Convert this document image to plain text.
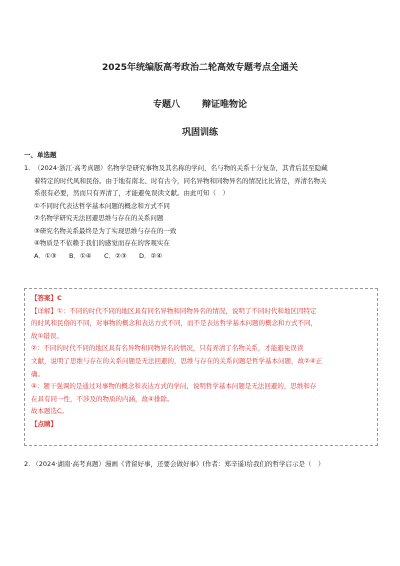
2025年统编版高考政治二轮高效专题考点全通关
专题八 辩证唯物论
巩固训练
一、单选题
1. （2024·浙江·高考真题）名物学是研究事物及其名称的学问，名与物的关系十分复杂，其背后甚至隐藏
着特定的时代风和民俗。由于地有南北、时有古今，同名异物和同物异名的情况比比皆是，弄清名物关
系很有必要，然而只有弄清了，才能避免误读文献。由此可知（　）
①不同时代表达哲学基本问题的概念和方式不同
②名物学研究无法回避思维与存在的关系问题
③研究名物关系最终是为了实现思维与存在的一致
④物质是不依赖于我们的感觉而存在的客观实在
A．①③	B．①④	C．②③	D．②④

【答案】C

【详解】①：不同的时代不同的地区具有同名异物和同物异名的情况，说明了不同时代和地区因特定

的时风和民俗的不同，对事物的概念和表达方式不同，而不是表达哲学基本问题的概念和方式不同，

故①错误。

②：不同的时代不同的地区具有名异物和同物异名的情况，只有弄清了名物关系，才能避免误读

文献，说明了思维与存在的关系问题是无法回避的，思维与存在的关系问题是哲学基本问题，故②④正

确。

④：题干强调的是通过对事物的概念和表达方式的学问，说明哲学基本问题是无法回避的，思维和存

在具有同一性，不涉及的物质的内涵，故④排除。

故本题选C。

【点睛】

2. （2024·湖南·高考真题）漫画《背留好事，还要会做好事》(作者：郑辛遥)给我们的哲学启示是（　）
